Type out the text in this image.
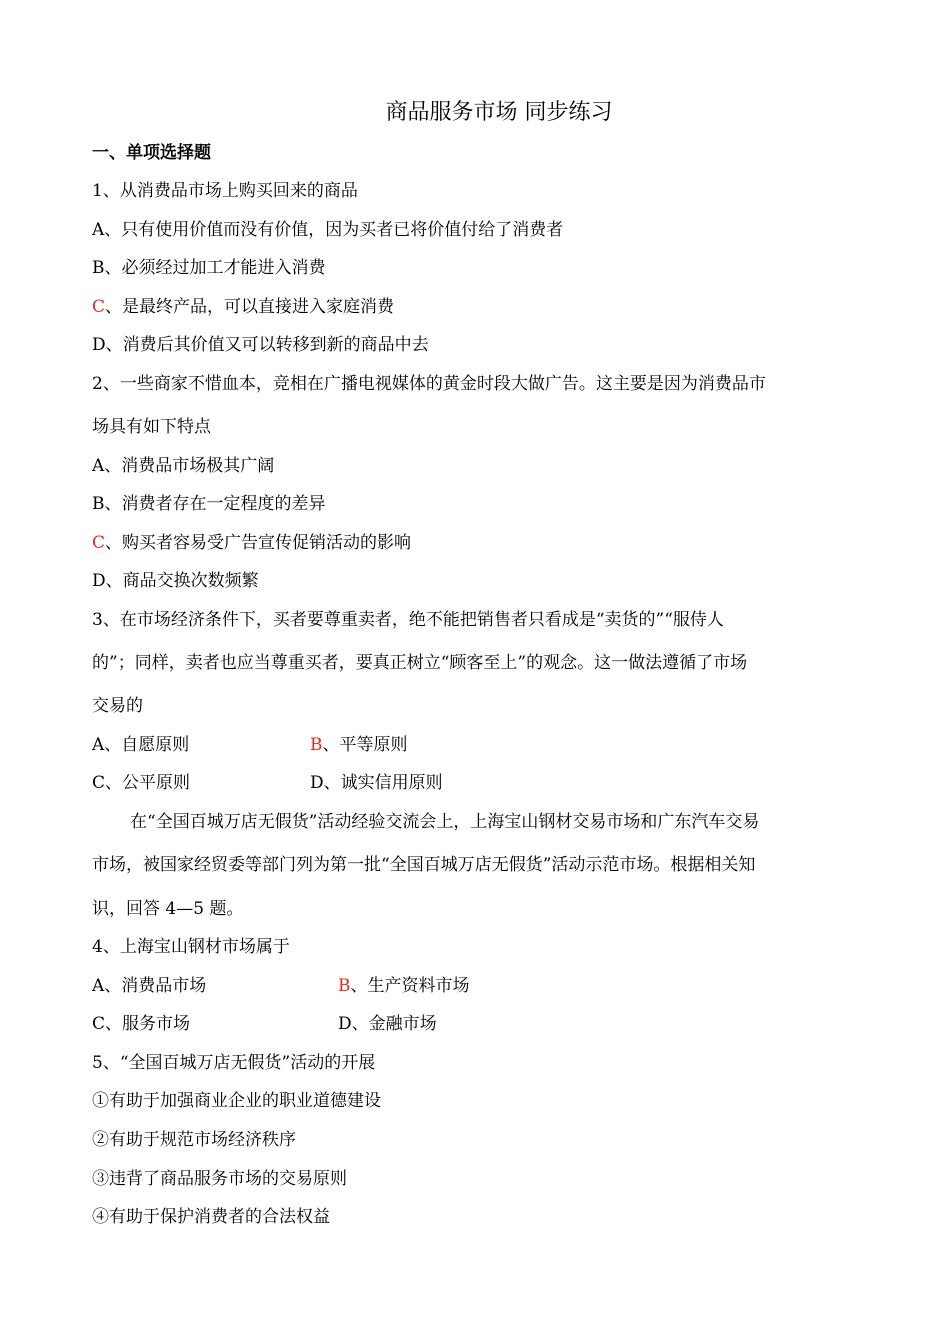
商品服务市场 同步练习
一、单项选择题
1、从消费品市场上购买回来的商品
A、只有使用价值而没有价值，因为买者已将价值付给了消费者
B、必须经过加工才能进入消费
C、是最终产品，可以直接进入家庭消费
D、消费后其价值又可以转移到新的商品中去
2、一些商家不惜血本，竞相在广播电视媒体的黄金时段大做广告。这主要是因为消费品市
场具有如下特点
A、消费品市场极其广阔
B、消费者存在一定程度的差异
C、购买者容易受广告宣传促销活动的影响
D、商品交换次数频繁
3、在市场经济条件下，买者要尊重卖者，绝不能把销售者只看成是“卖货的”“服侍人
的”；同样，卖者也应当尊重买者，要真正树立“顾客至上”的观念。这一做法遵循了市场
交易的
A、自愿原则	B、平等原则
C、公平原则	D、诚实信用原则
在“全国百城万店无假货”活动经验交流会上，上海宝山钢材交易市场和广东汽车交易
市场，被国家经贸委等部门列为第一批“全国百城万店无假货”活动示范市场。根据相关知
识，回答 4—5 题。
4、上海宝山钢材市场属于
A、消费品市场	B、生产资料市场
C、服务市场	D、金融市场
5、“全国百城万店无假货”活动的开展
①有助于加强商业企业的职业道德建设
②有助于规范市场经济秩序
③违背了商品服务市场的交易原则
④有助于保护消费者的合法权益
